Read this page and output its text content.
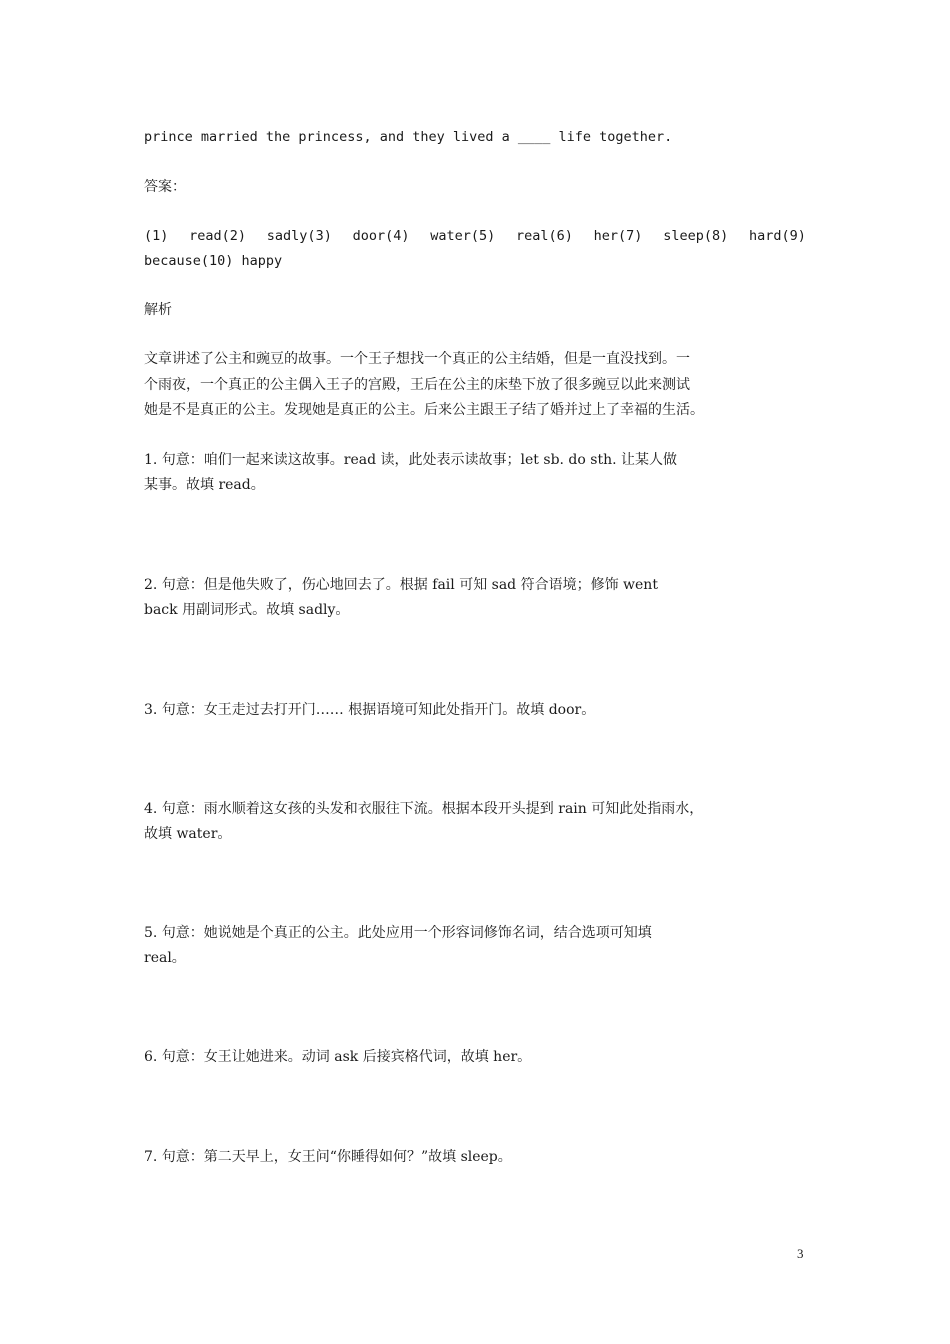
prince married the princess, and they lived a ____ life together.
答案：
(1) read(2) sadly(3) door(4) water(5) real(6) her(7) sleep(8) hard(9)
because(10) happy
解析
文章讲述了公主和豌豆的故事。一个王子想找一个真正的公主结婚，但是一直没找到。一
个雨夜，一个真正的公主偶入王子的宫殿，王后在公主的床垫下放了很多豌豆以此来测试
她是不是真正的公主。发现她是真正的公主。后来公主跟王子结了婚并过上了幸福的生活。
1. 句意：咱们一起来读这故事。read 读，此处表示读故事；let sb. do sth. 让某人做
某事。故填 read。
2. 句意：但是他失败了，伤心地回去了。根据 fail 可知 sad 符合语境；修饰 went
back 用副词形式。故填 sadly。
3. 句意：女王走过去打开门…… 根据语境可知此处指开门。故填 door。
4. 句意：雨水顺着这女孩的头发和衣服往下流。根据本段开头提到 rain 可知此处指雨水，
故填 water。
5. 句意：她说她是个真正的公主。此处应用一个形容词修饰名词，结合选项可知填
real。
6. 句意：女王让她进来。动词 ask 后接宾格代词，故填 her。
7. 句意：第二天早上，女王问“你睡得如何？”故填 sleep。
3
